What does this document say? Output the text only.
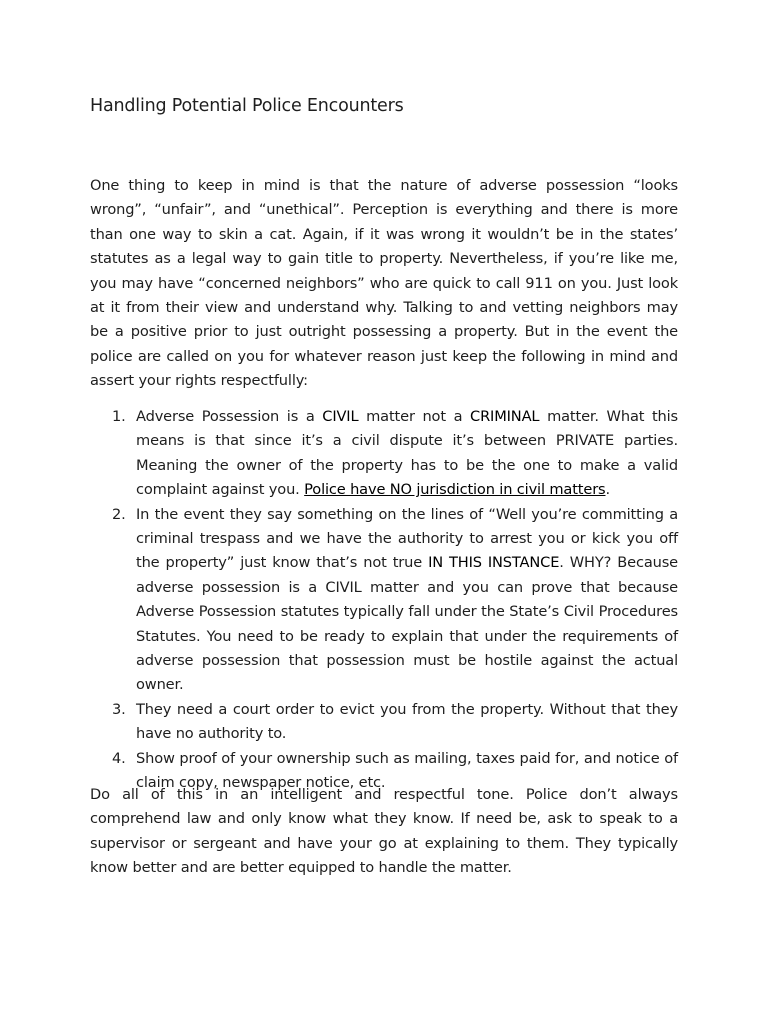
Handling Potential Police Encounters

One thing to keep in mind is that the nature of adverse possession “looks wrong”, “unfair”, and “unethical”. Perception is everything and there is more than one way to skin a cat. Again, if it was wrong it wouldn’t be in the states’ statutes as a legal way to gain title to property. Nevertheless, if you’re like me, you may have “concerned neighbors” who are quick to call 911 on you. Just look at it from their view and understand why. Talking to and vetting neighbors may be a positive prior to just outright possessing a property. But in the event the police are called on you for whatever reason just keep the following in mind and assert your rights respectfully:

1. Adverse Possession is a CIVIL matter not a CRIMINAL matter. What this means is that since it’s a civil dispute it’s between PRIVATE parties. Meaning the owner of the property has to be the one to make a valid complaint against you. Police have NO jurisdiction in civil matters.
2. In the event they say something on the lines of “Well you’re committing a criminal trespass and we have the authority to arrest you or kick you off the property” just know that’s not true IN THIS INSTANCE. WHY? Because adverse possession is a CIVIL matter and you can prove that because Adverse Possession statutes typically fall under the State’s Civil Procedures Statutes. You need to be ready to explain that under the requirements of adverse possession that possession must be hostile against the actual owner.
3. They need a court order to evict you from the property. Without that they have no authority to.
4. Show proof of your ownership such as mailing, taxes paid for, and notice of claim copy, newspaper notice, etc.

Do all of this in an intelligent and respectful tone. Police don’t always comprehend law and only know what they know. If need be, ask to speak to a supervisor or sergeant and have your go at explaining to them. They typically know better and are better equipped to handle the matter.
